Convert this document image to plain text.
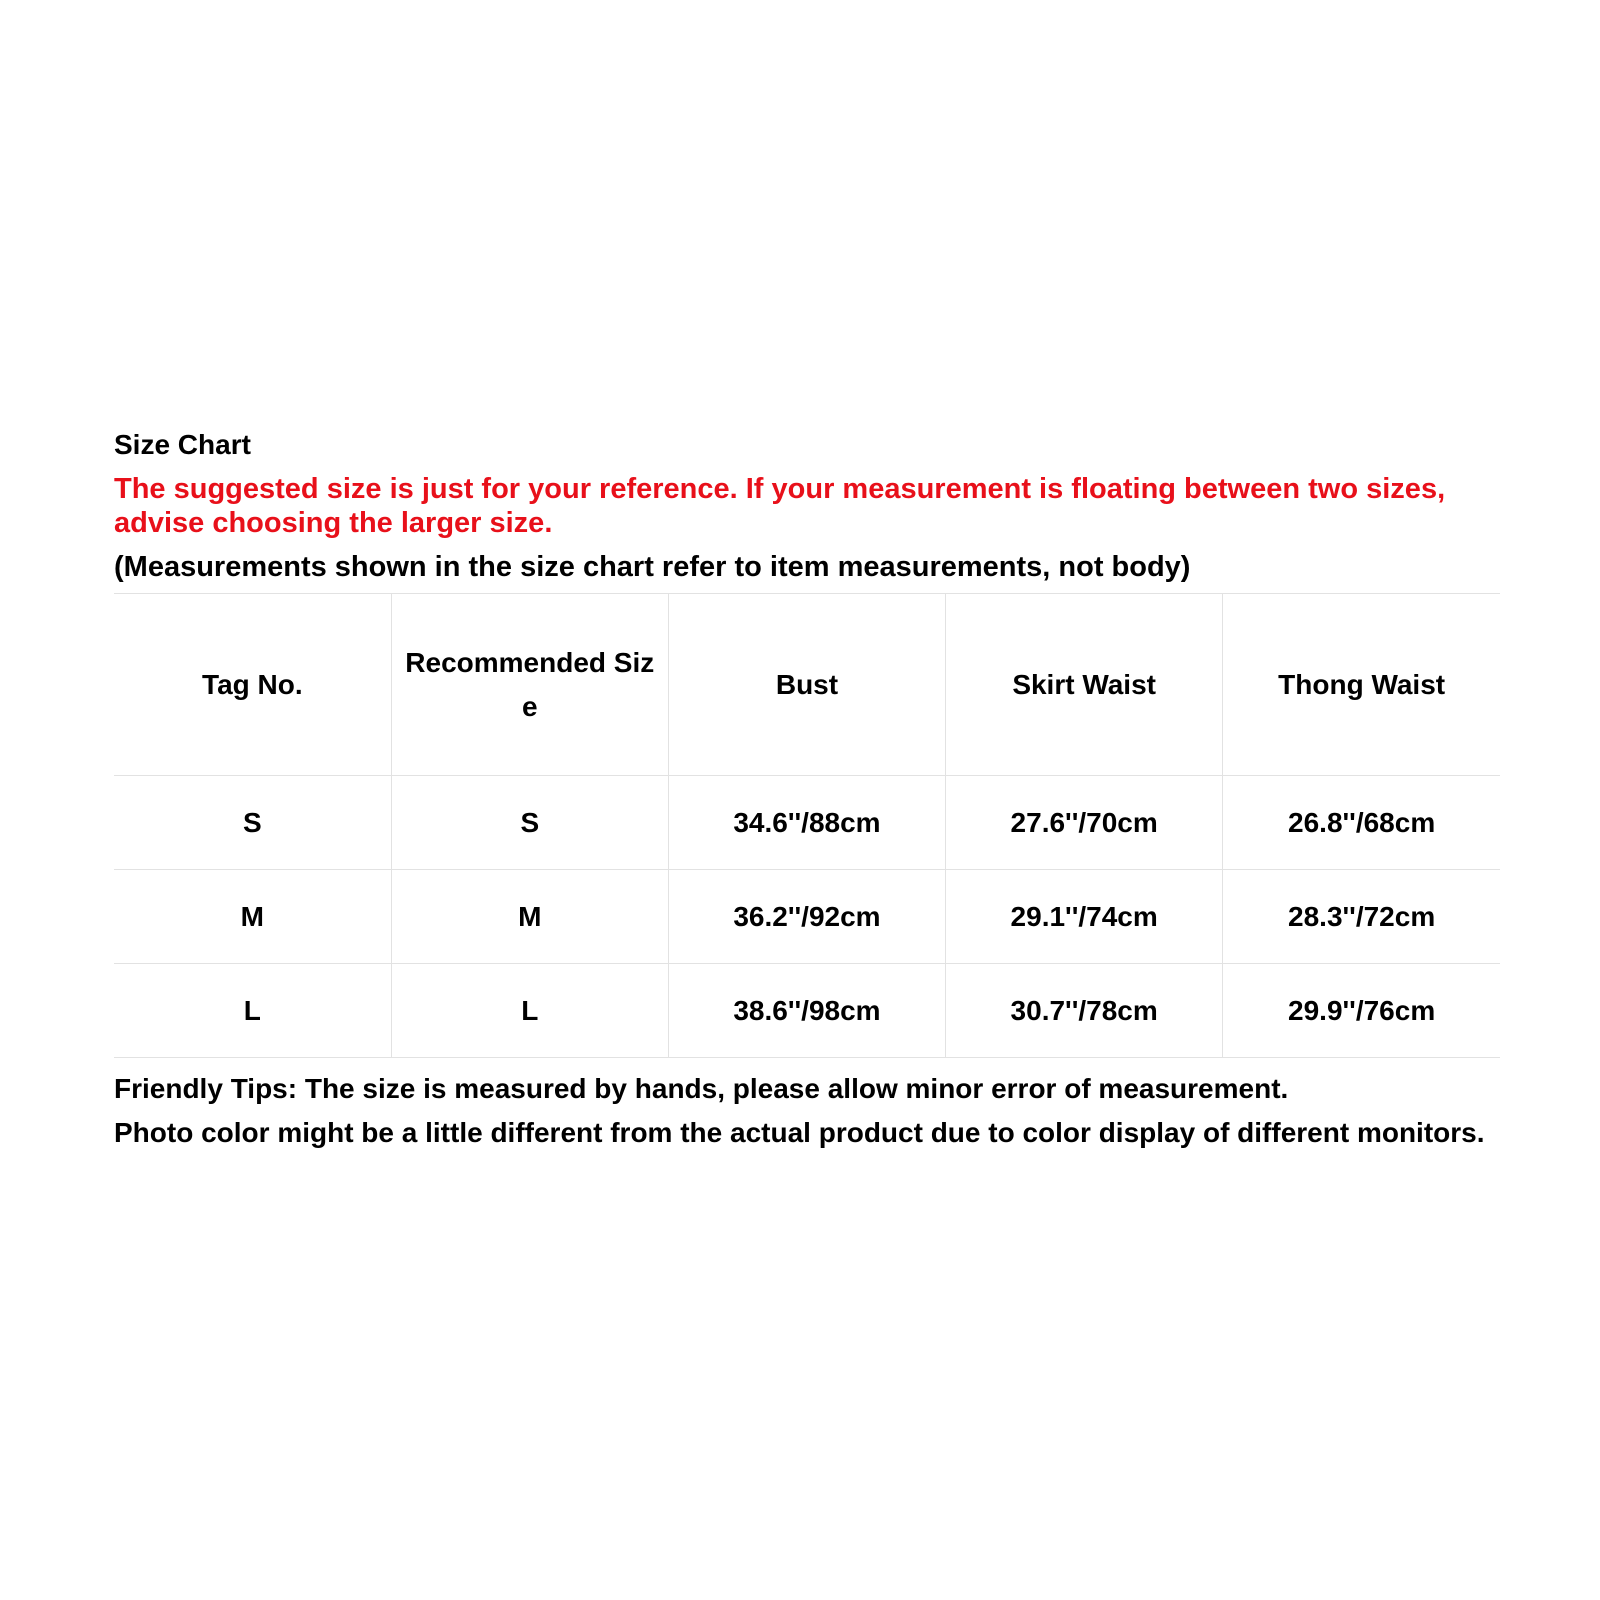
Size Chart

The suggested size is just for your reference. If your measurement is floating between two sizes, advise choosing the larger size.

(Measurements shown in the size chart refer to item measurements, not body)

Tag No.	Recommended Size	Bust	Skirt Waist	Thong Waist
S	S	34.6''/88cm	27.6''/70cm	26.8''/68cm
M	M	36.2''/92cm	29.1''/74cm	28.3''/72cm
L	L	38.6''/98cm	30.7''/78cm	29.9''/76cm

Friendly Tips: The size is measured by hands, please allow minor error of measurement.

Photo color might be a little different from the actual product due to color display of different monitors.
